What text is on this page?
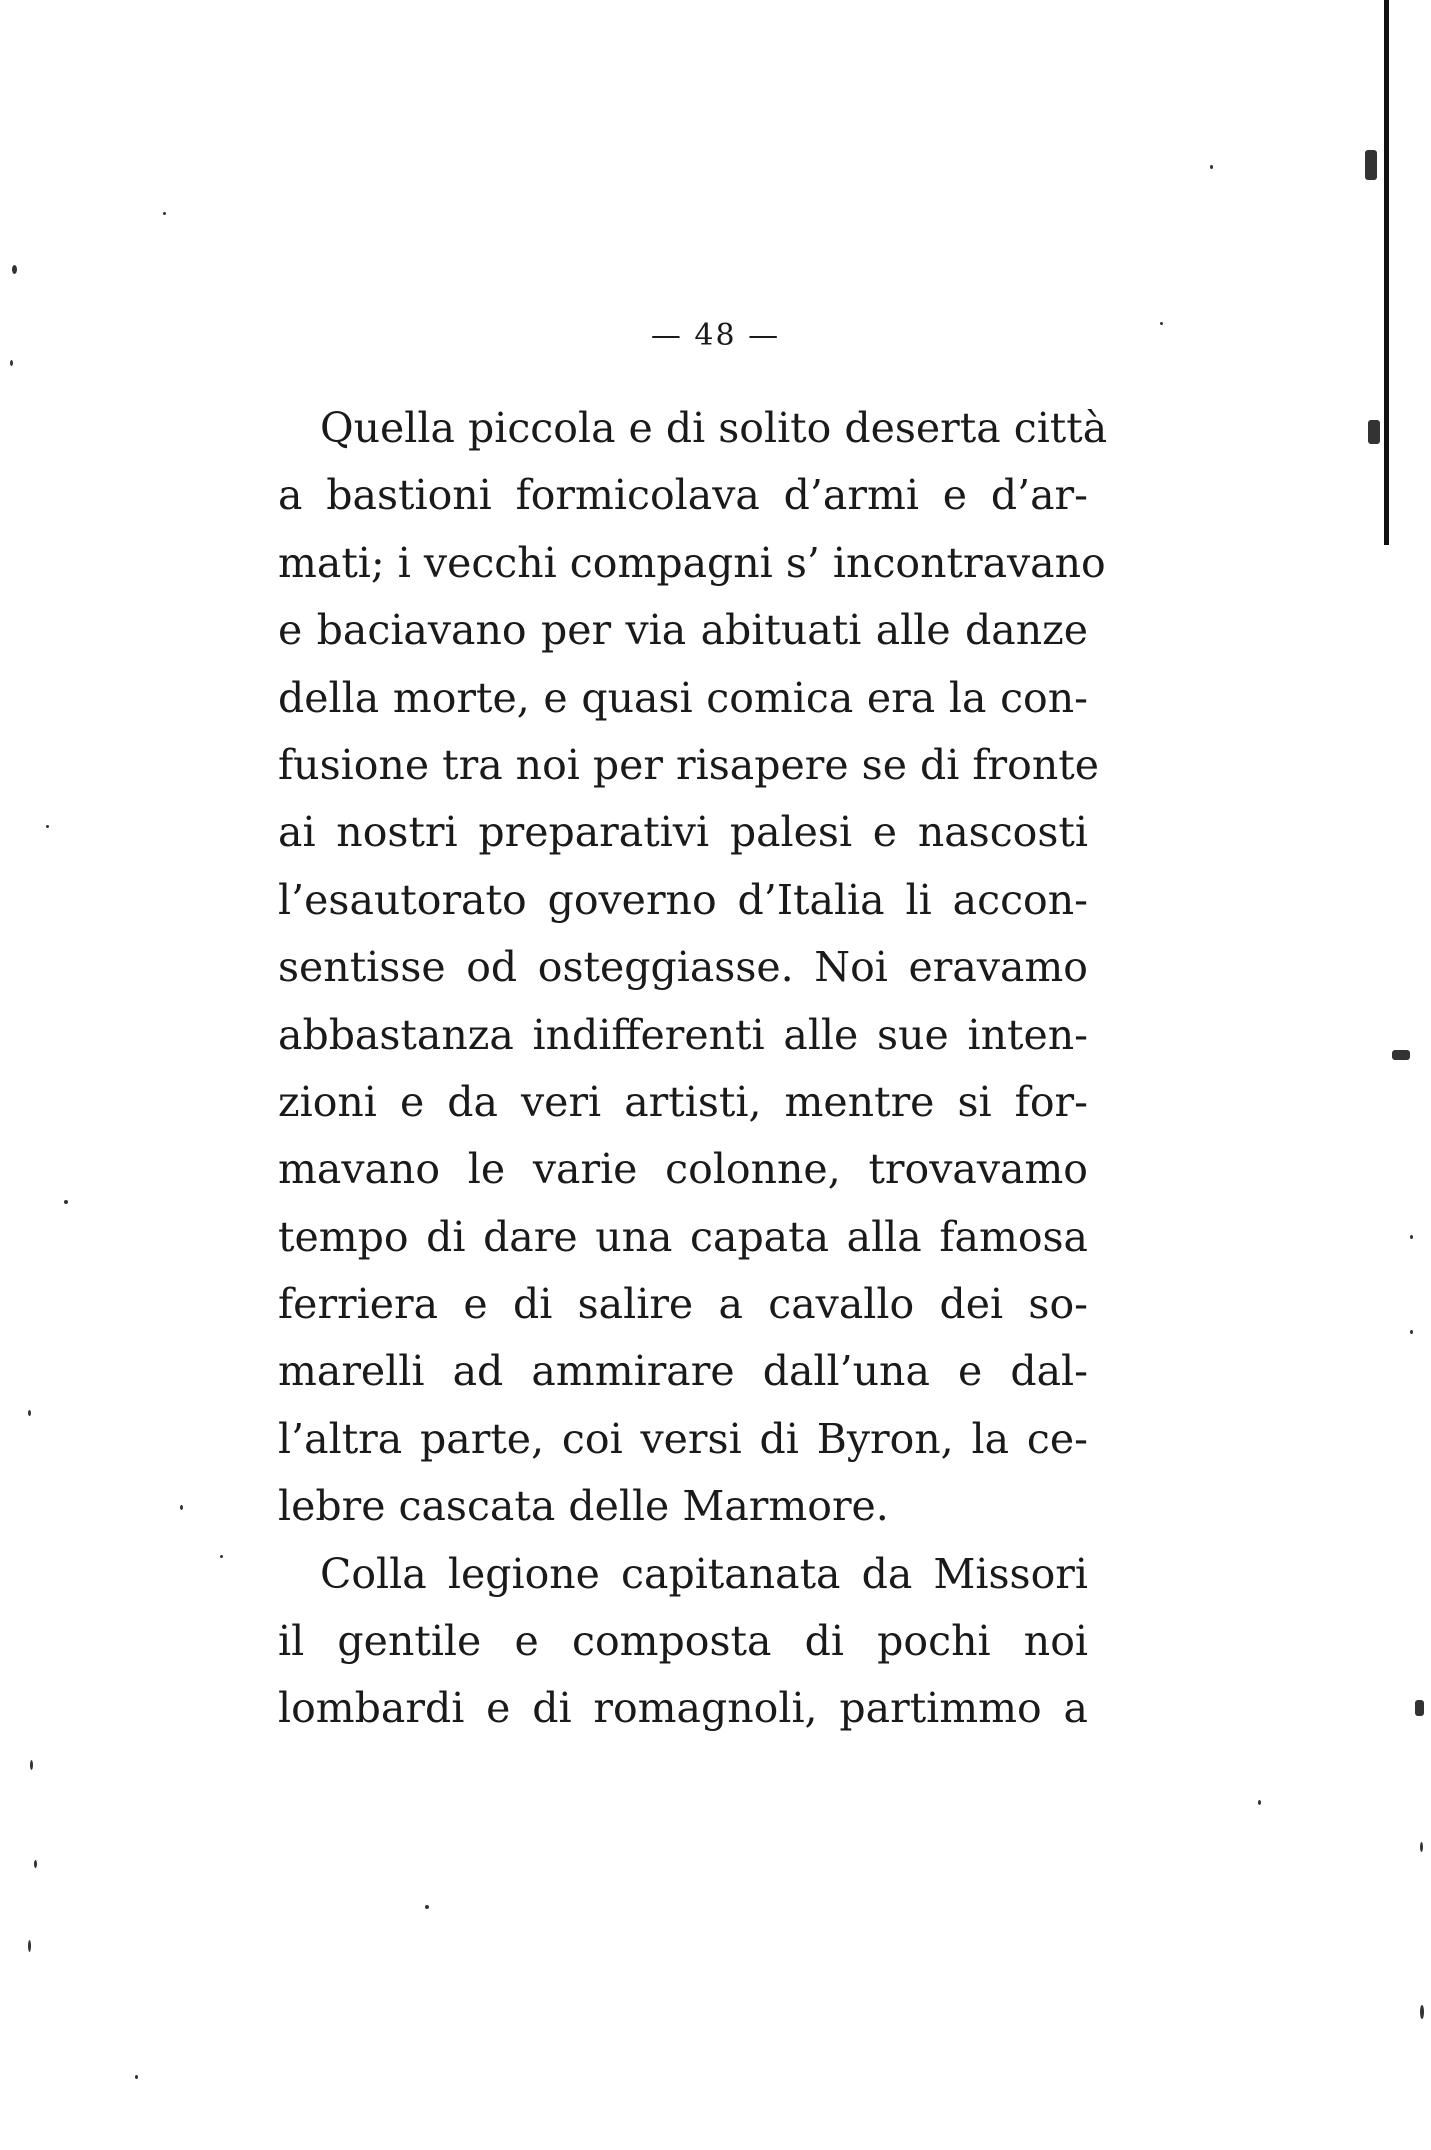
— 48 —
Quella piccola e di solito deserta città
a bastioni formicolava d’armi e d’ar-
mati; i vecchi compagni s’ incontravano
e baciavano per via abituati alle danze
della morte, e quasi comica era la con-
fusione tra noi per risapere se di fronte
ai nostri preparativi palesi e nascosti
l’esautorato governo d’Italia li accon-
sentisse od osteggiasse. Noi eravamo
abbastanza indifferenti alle sue inten-
zioni e da veri artisti, mentre si for-
mavano le varie colonne, trovavamo
tempo di dare una capata alla famosa
ferriera e di salire a cavallo dei so-
marelli ad ammirare dall’una e dal-
l’altra parte, coi versi di Byron, la ce-
lebre cascata delle Marmore.
Colla legione capitanata da Missori
il gentile e composta di pochi noi
lombardi e di romagnoli, partimmo a
